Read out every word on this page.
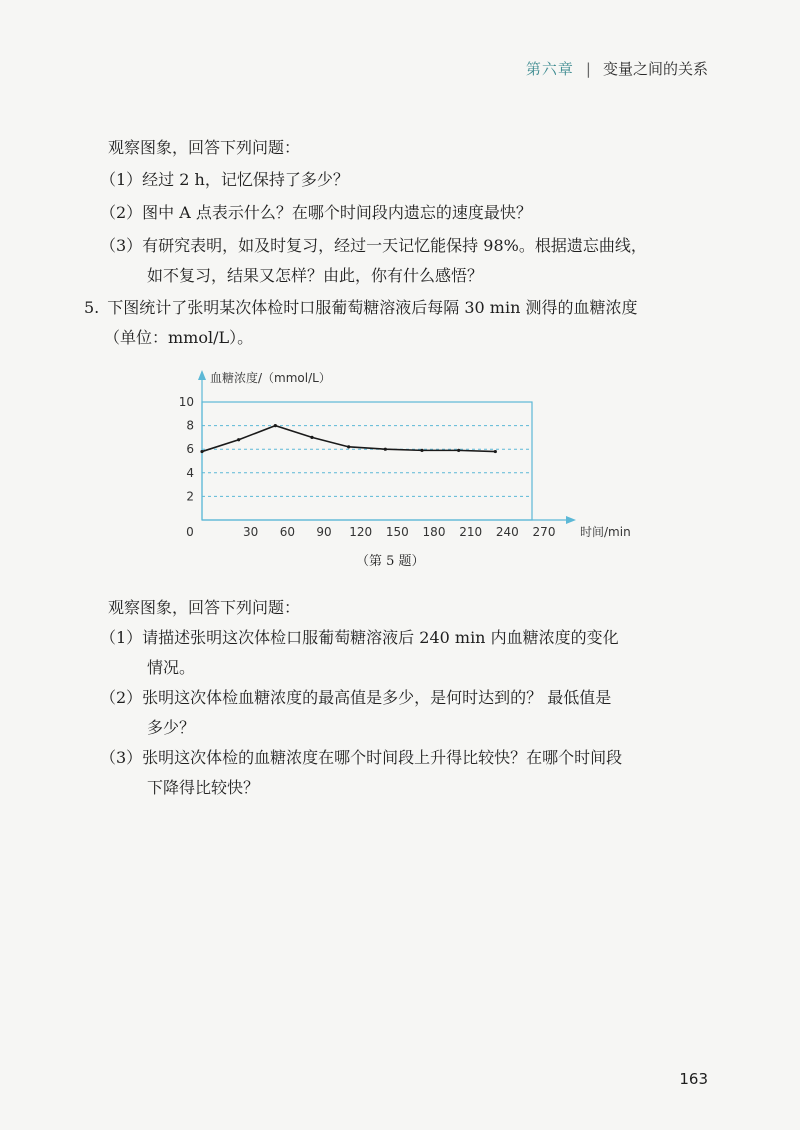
第六章 | 变量之间的关系
观察图象，回答下列问题：
（1）经过 2 h，记忆保持了多少？
（2）图中 A 点表示什么？在哪个时间段内遗忘的速度最快？
（3）有研究表明，如及时复习，经过一天记忆能保持 98%。根据遗忘曲线，
如不复习，结果又怎样？由此，你有什么感悟？
5. 下图统计了张明某次体检时口服葡萄糖溶液后每隔 30 min 测得的血糖浓度
（单位：mmol/L）。
2
4
6
8
10
0	30 60 90 120 150 180 210 240 270
血糖浓度/（mmol/L）
时间/min
（第 5 题）
观察图象，回答下列问题：
（1）请描述张明这次体检口服葡萄糖溶液后 240 min 内血糖浓度的变化
情况。
（2）张明这次体检血糖浓度的最高值是多少，是何时达到的？ 最低值是
多少？
（3）张明这次体检的血糖浓度在哪个时间段上升得比较快？在哪个时间段
下降得比较快？
163
